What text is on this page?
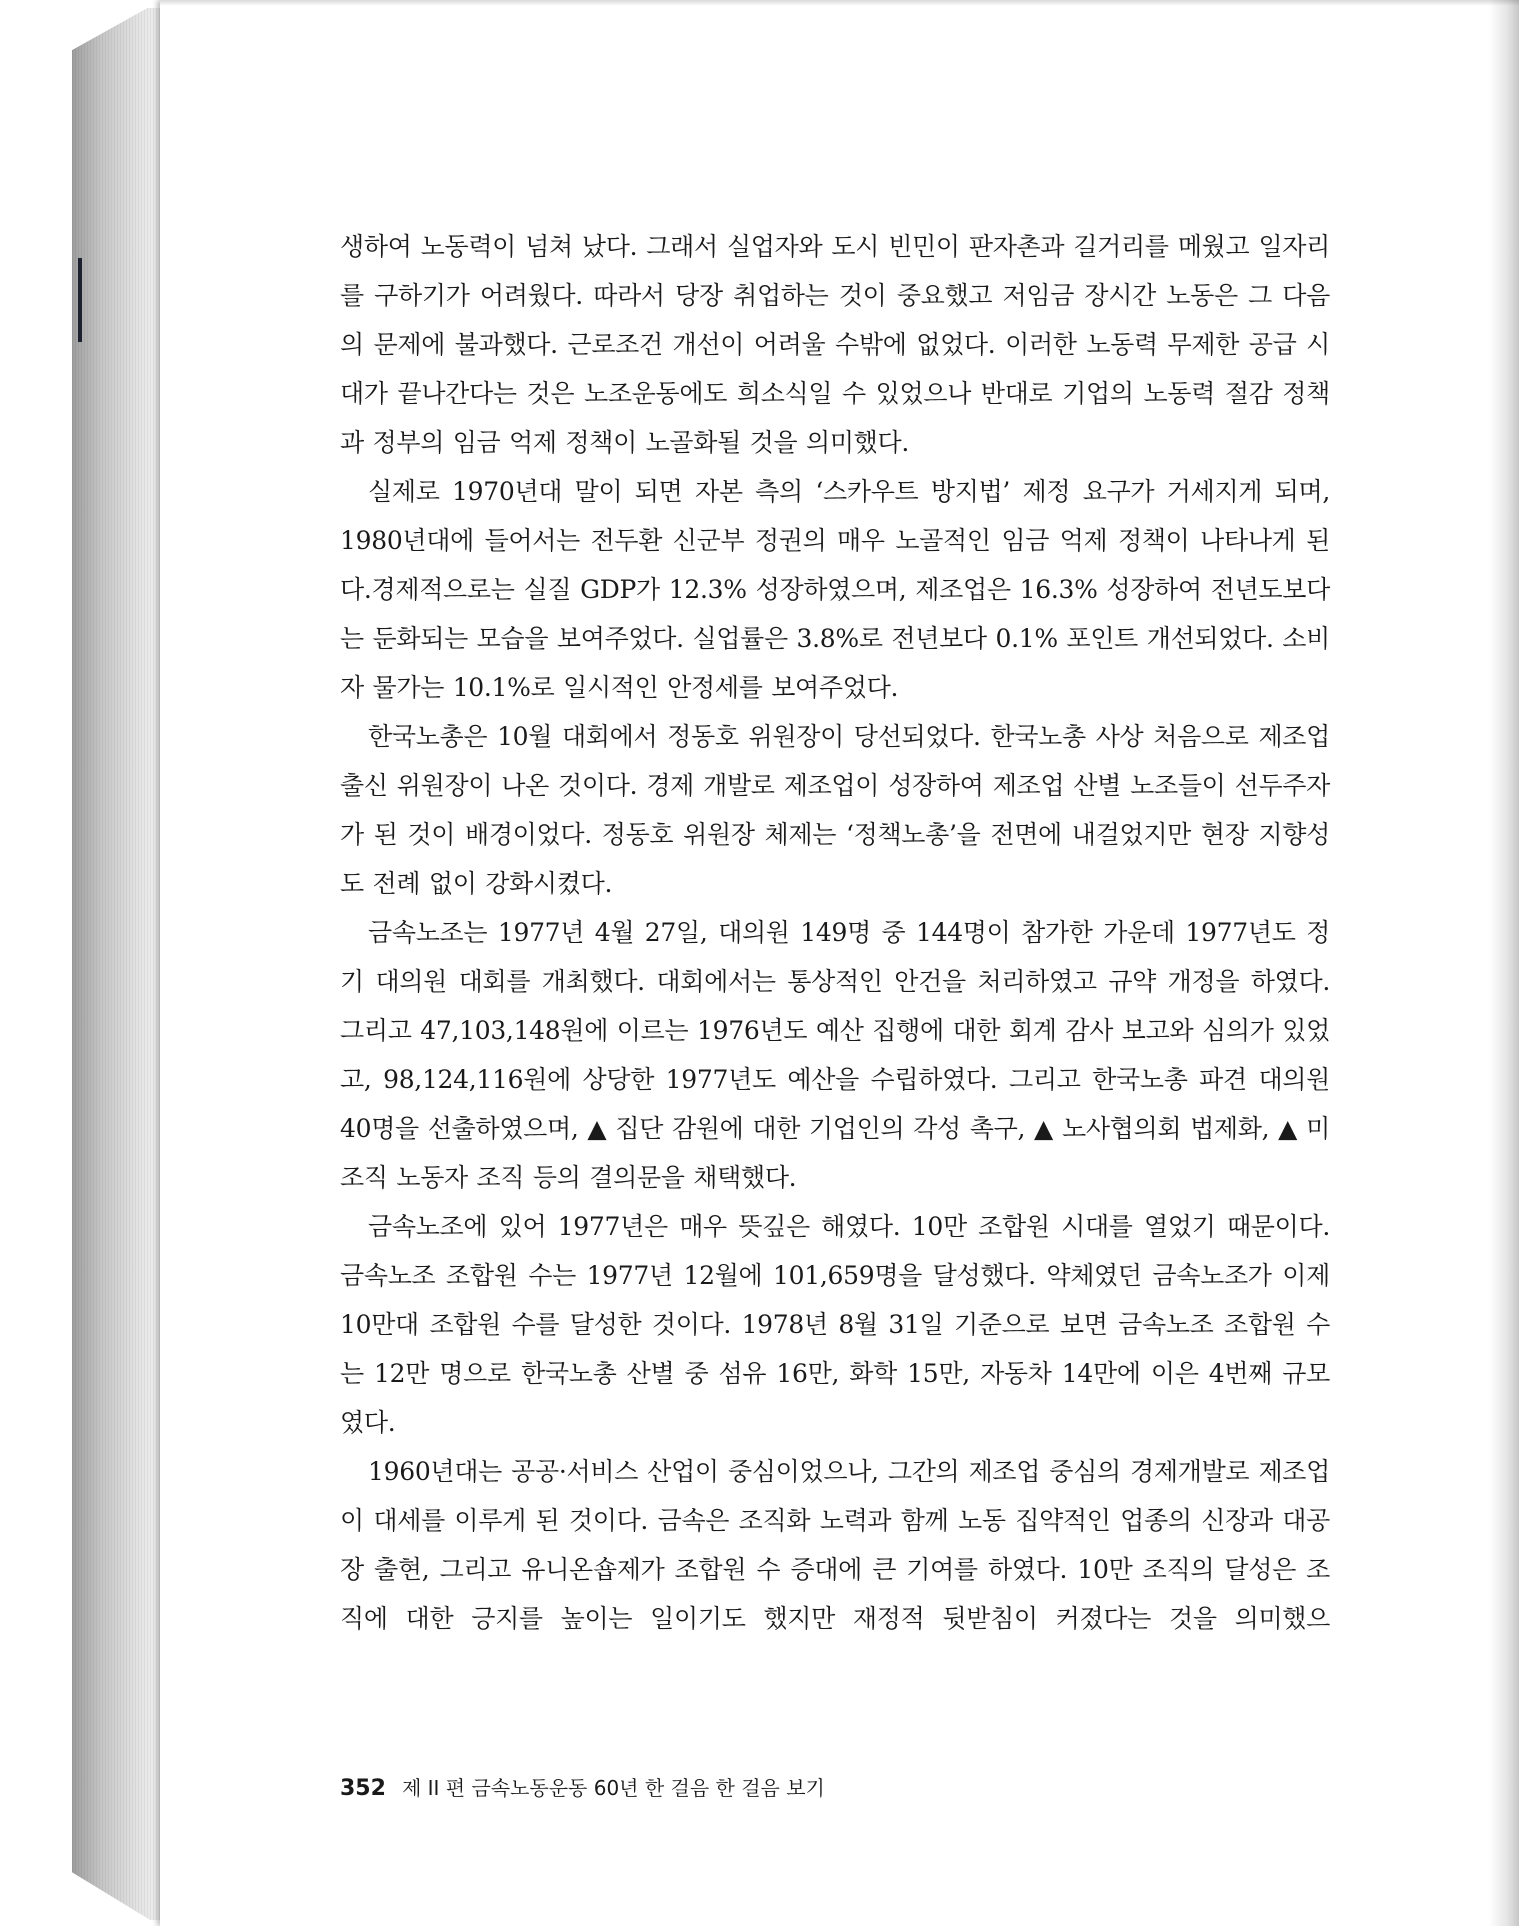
생하여 노동력이 넘쳐 났다. 그래서 실업자와 도시 빈민이 판자촌과 길거리를 메웠고 일자리를 구하기가 어려웠다. 따라서 당장 취업하는 것이 중요했고 저임금 장시간 노동은 그 다음의 문제에 불과했다. 근로조건 개선이 어려울 수밖에 없었다. 이러한 노동력 무제한 공급 시대가 끝나간다는 것은 노조운동에도 희소식일 수 있었으나 반대로 기업의 노동력 절감 정책과 정부의 임금 억제 정책이 노골화될 것을 의미했다.

실제로 1970년대 말이 되면 자본 측의 ‘스카우트 방지법’ 제정 요구가 거세지게 되며, 1980년대에 들어서는 전두환 신군부 정권의 매우 노골적인 임금 억제 정책이 나타나게 된다.경제적으로는 실질 GDP가 12.3% 성장하였으며, 제조업은 16.3% 성장하여 전년도보다는 둔화되는 모습을 보여주었다. 실업률은 3.8%로 전년보다 0.1% 포인트 개선되었다. 소비자 물가는 10.1%로 일시적인 안정세를 보여주었다.

한국노총은 10월 대회에서 정동호 위원장이 당선되었다. 한국노총 사상 처음으로 제조업 출신 위원장이 나온 것이다. 경제 개발로 제조업이 성장하여 제조업 산별 노조들이 선두주자가 된 것이 배경이었다. 정동호 위원장 체제는 ‘정책노총’을 전면에 내걸었지만 현장 지향성도 전례 없이 강화시켰다.

금속노조는 1977년 4월 27일, 대의원 149명 중 144명이 참가한 가운데 1977년도 정기 대의원 대회를 개최했다. 대회에서는 통상적인 안건을 처리하였고 규약 개정을 하였다. 그리고 47,103,148원에 이르는 1976년도 예산 집행에 대한 회계 감사 보고와 심의가 있었고, 98,124,116원에 상당한 1977년도 예산을 수립하였다. 그리고 한국노총 파견 대의원 40명을 선출하였으며, ▲ 집단 감원에 대한 기업인의 각성 촉구, ▲ 노사협의회 법제화, ▲ 미조직 노동자 조직 등의 결의문을 채택했다.

금속노조에 있어 1977년은 매우 뜻깊은 해였다. 10만 조합원 시대를 열었기 때문이다. 금속노조 조합원 수는 1977년 12월에 101,659명을 달성했다. 약체였던 금속노조가 이제 10만대 조합원 수를 달성한 것이다. 1978년 8월 31일 기준으로 보면 금속노조 조합원 수는 12만 명으로 한국노총 산별 중 섬유 16만, 화학 15만, 자동차 14만에 이은 4번째 규모였다.

1960년대는 공공·서비스 산업이 중심이었으나, 그간의 제조업 중심의 경제개발로 제조업이 대세를 이루게 된 것이다. 금속은 조직화 노력과 함께 노동 집약적인 업종의 신장과 대공장 출현, 그리고 유니온숍제가 조합원 수 증대에 큰 기여를 하였다. 10만 조직의 달성은 조직에 대한 긍지를 높이는 일이기도 했지만 재정적 뒷받침이 커졌다는 것을 의미했으

352 제 II 편 금속노동운동 60년 한 걸음 한 걸음 보기
